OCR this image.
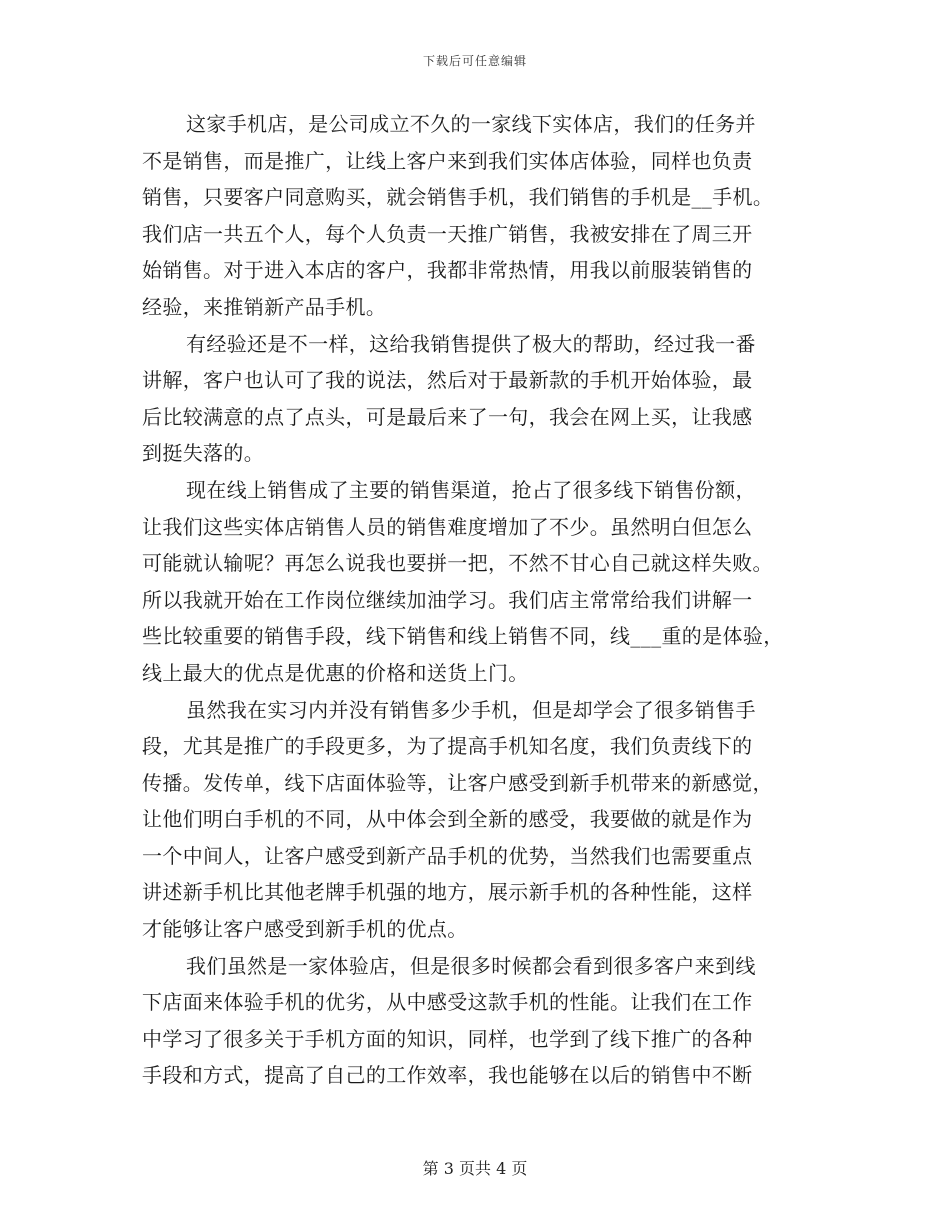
下载后可任意编辑
这家手机店，是公司成立不久的一家线下实体店，我们的任务并
不是销售，而是推广，让线上客户来到我们实体店体验，同样也负责
销售，只要客户同意购买，就会销售手机，我们销售的手机是__手机。
我们店一共五个人，每个人负责一天推广销售，我被安排在了周三开
始销售。对于进入本店的客户，我都非常热情，用我以前服装销售的
经验，来推销新产品手机。
有经验还是不一样，这给我销售提供了极大的帮助，经过我一番
讲解，客户也认可了我的说法，然后对于最新款的手机开始体验，最
后比较满意的点了点头，可是最后来了一句，我会在网上买，让我感
到挺失落的。
现在线上销售成了主要的销售渠道，抢占了很多线下销售份额，
让我们这些实体店销售人员的销售难度增加了不少。虽然明白但怎么
可能就认输呢？再怎么说我也要拼一把，不然不甘心自己就这样失败。
所以我就开始在工作岗位继续加油学习。我们店主常常给我们讲解一
些比较重要的销售手段，线下销售和线上销售不同，线___重的是体验，
线上最大的优点是优惠的价格和送货上门。
虽然我在实习内并没有销售多少手机，但是却学会了很多销售手
段，尤其是推广的手段更多，为了提高手机知名度，我们负责线下的
传播。发传单，线下店面体验等，让客户感受到新手机带来的新感觉，
让他们明白手机的不同，从中体会到全新的感受，我要做的就是作为
一个中间人，让客户感受到新产品手机的优势，当然我们也需要重点
讲述新手机比其他老牌手机强的地方，展示新手机的各种性能，这样
才能够让客户感受到新手机的优点。
我们虽然是一家体验店，但是很多时候都会看到很多客户来到线
下店面来体验手机的优劣，从中感受这款手机的性能。让我们在工作
中学习了很多关于手机方面的知识，同样，也学到了线下推广的各种
手段和方式，提高了自己的工作效率，我也能够在以后的销售中不断
第 3 页共 4 页
